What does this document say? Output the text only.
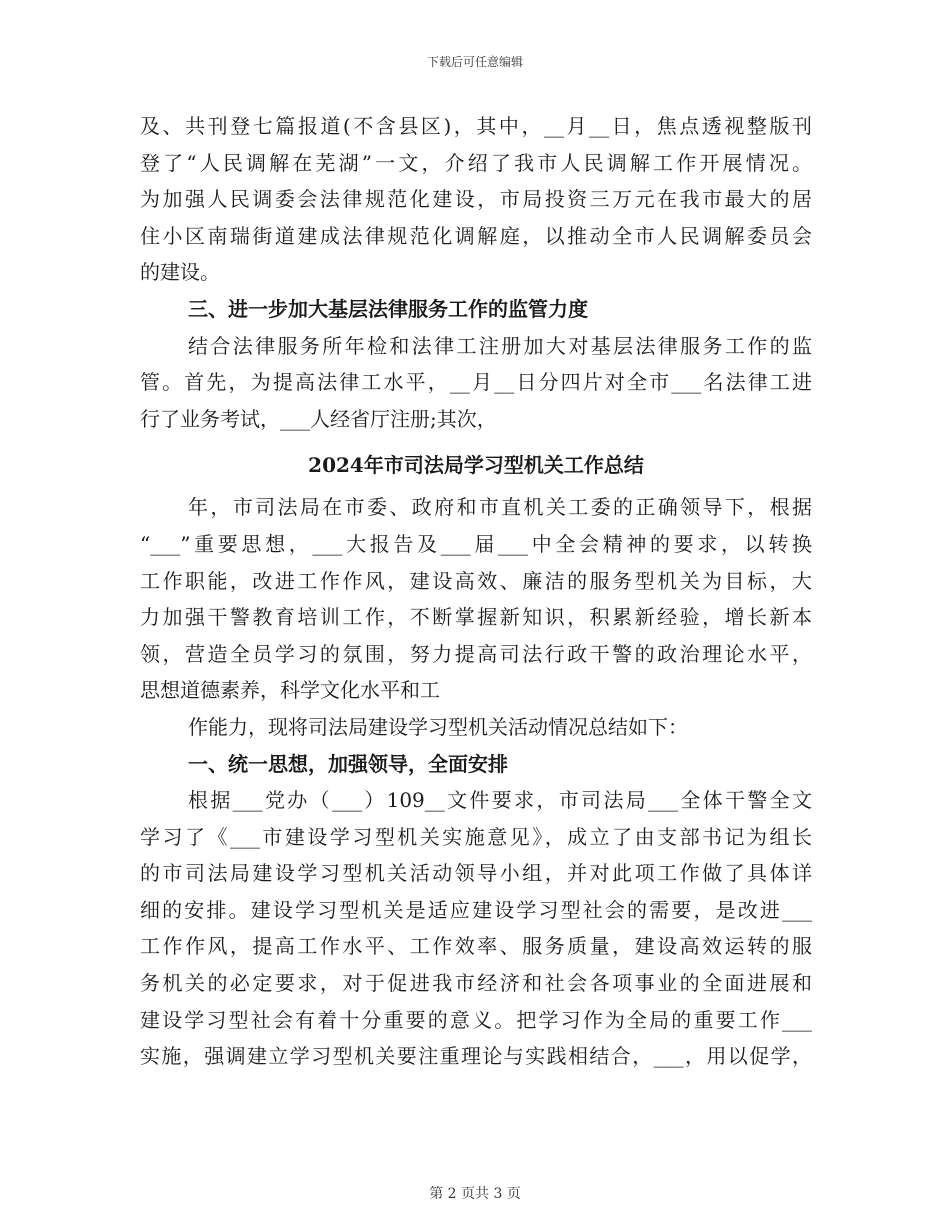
下载后可任意编辑
及、共刊登七篇报道(不含县区)，其中，__月__日，焦点透视整版刊
登了“人民调解在芜湖”一文，介绍了我市人民调解工作开展情况。
为加强人民调委会法律规范化建设，市局投资三万元在我市最大的居
住小区南瑞街道建成法律规范化调解庭，以推动全市人民调解委员会
的建设。
三、进一步加大基层法律服务工作的监管力度
结合法律服务所年检和法律工注册加大对基层法律服务工作的监
管。首先，为提高法律工水平，__月__日分四片对全市___名法律工进
行了业务考试，___人经省厅注册;其次，
2024年市司法局学习型机关工作总结
年，市司法局在市委、政府和市直机关工委的正确领导下，根据
“___”重要思想，___大报告及___届___中全会精神的要求，以转换
工作职能，改进工作作风，建设高效、廉洁的服务型机关为目标，大
力加强干警教育培训工作，不断掌握新知识，积累新经验，增长新本
领，营造全员学习的氛围，努力提高司法行政干警的政治理论水平，
思想道德素养，科学文化水平和工
作能力，现将司法局建设学习型机关活动情况总结如下：
一、统一思想，加强领导，全面安排
根据___党办（___）109__文件要求，市司法局___全体干警全文
学习了《___市建设学习型机关实施意见》，成立了由支部书记为组长
的市司法局建设学习型机关活动领导小组，并对此项工作做了具体详
细的安排。建设学习型机关是适应建设学习型社会的需要，是改进___
工作作风，提高工作水平、工作效率、服务质量，建设高效运转的服
务机关的必定要求，对于促进我市经济和社会各项事业的全面进展和
建设学习型社会有着十分重要的意义。把学习作为全局的重要工作___
实施，强调建立学习型机关要注重理论与实践相结合，___，用以促学，
第 2 页共 3 页
